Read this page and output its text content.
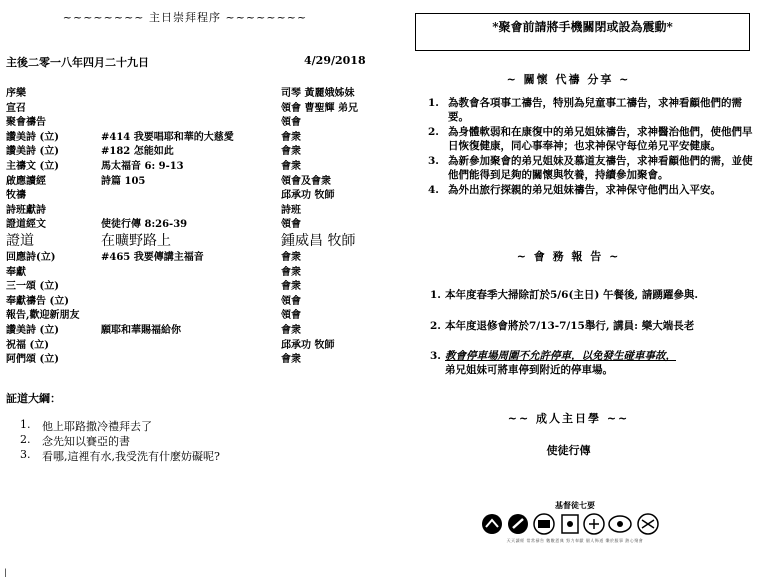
~~~~~~~~ 主日崇拜程序 ~~~~~~~~
主後二零一八年四月二十九日	4/29/2018
序樂	司琴 黃麗娥姊妹
宣召	領會 曹聖輝 弟兄
聚會禱告	領會
讚美詩 (立)	#414 我要唱耶和華的大慈愛	會衆
讚美詩 (立)	#182 怎能如此	會衆
主禱文 (立)	馬太福音 6: 9-13	會衆
啟應讀經	詩篇 105	領會及會衆
牧禱	邱承功 牧師
詩班獻詩	詩班
證道經文	使徒行傳 8:26-39	領會
證道	在曠野路上	鍾威昌 牧師
回應詩(立)	#465 我要傳講主福音	會衆
奉獻	會衆
三一頌 (立)	會衆
奉獻禱告 (立)	領會
報告,歡迎新朋友	領會
讚美詩 (立)	願耶和華賜福給你	會衆
祝福 (立)	邱承功 牧師
阿們頌 (立)	會衆
証道大綱：
1. 他上耶路撒冷禮拜去了
2. 念先知以賽亞的書
3. 看哪,這裡有水,我受洗有什麼妨礙呢?
*聚會前請將手機關閉或設為震動*
~ 關懷 代禱 分享 ~
1. 為教會各項事工禱告，特別為兒童事工禱告，求神看顧他們的需要。
2. 為身體軟弱和在康復中的弟兄姐妹禱告，求神醫治他們，使他們早日恢復健康，同心事奉神；也求神保守每位弟兄平安健康。
3. 為新參加聚會的弟兄姐妹及慕道友禱告，求神看顧他們的需，並使他們能得到足夠的關懷與牧養，持續參加聚會。
4. 為外出旅行探親的弟兄姐妹禱告，求神保守他們出入平安。
~ 會 務 報 告 ~
1. 本年度春季大掃除訂於5/6(主日) 午餐後, 請踴躍參與.
2. 本年度退修會將於7/13-7/15舉行, 講員: 樂大端長老
3. 教會停車場周圍不允許停車，以免發生碰車事故，
弟兄姐妹可將車停到附近的停車場。
~~ 成人主日學 ~~
使徒行傳
基督徒七要
天天讀經 常常禱告 數數恩典 努力奉獻 個人佈道 樂於服事 熱心聚會
|
